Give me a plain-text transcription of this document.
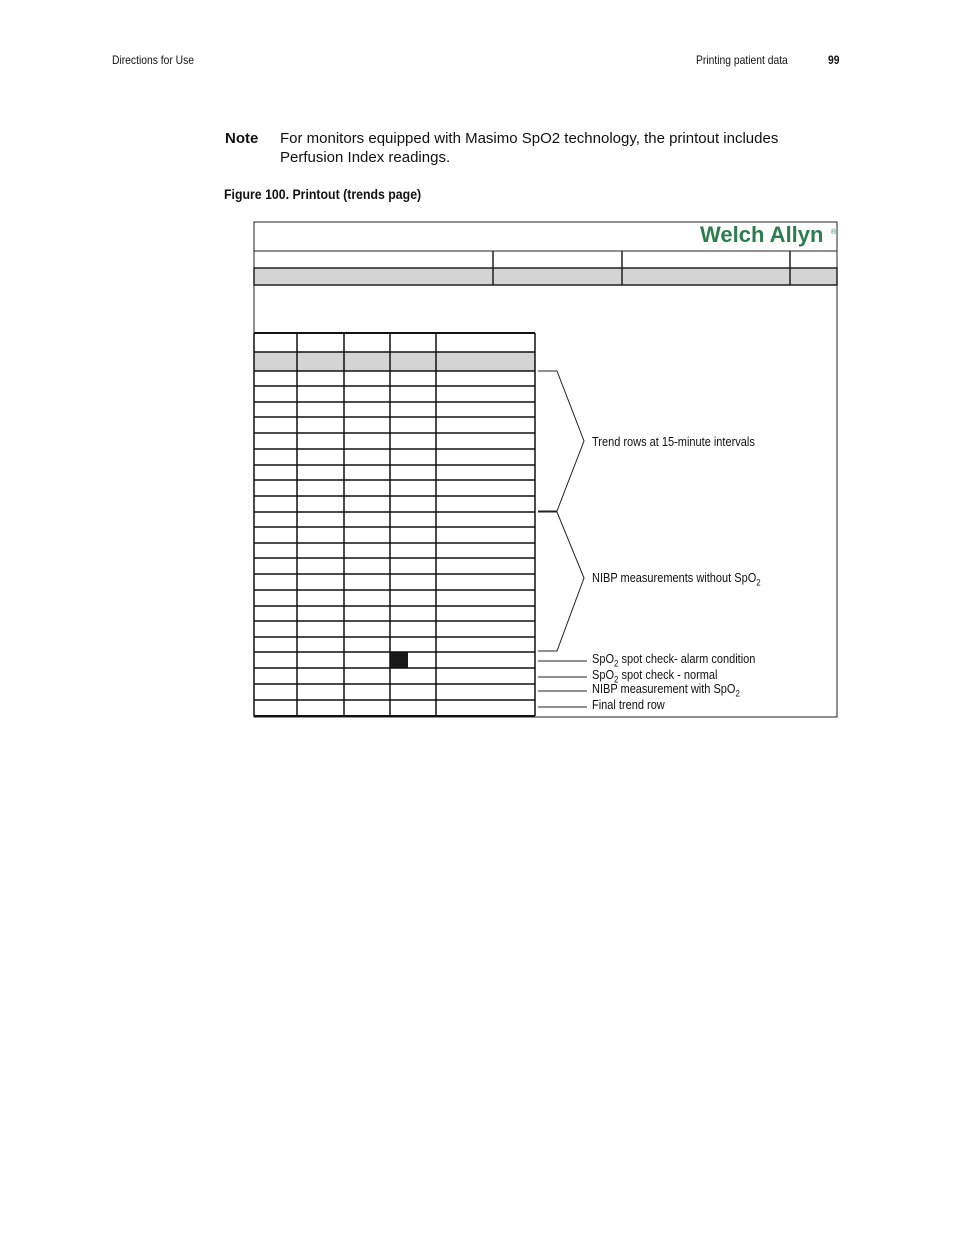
Directions for Use	Printing patient data	99
Note For monitors equipped with Masimo SpO2 technology, the printout includes
Perfusion Index readings.
Figure 100. Printout (trends page)
Welch Allyn ®
Trend rows at 15-minute intervals
NIBP measurements without SpO$_2$
SpO$_2$ spot check- alarm condition
SpO$_2$ spot check - normal
NIBP measurement with SpO$_2$
Final trend row
